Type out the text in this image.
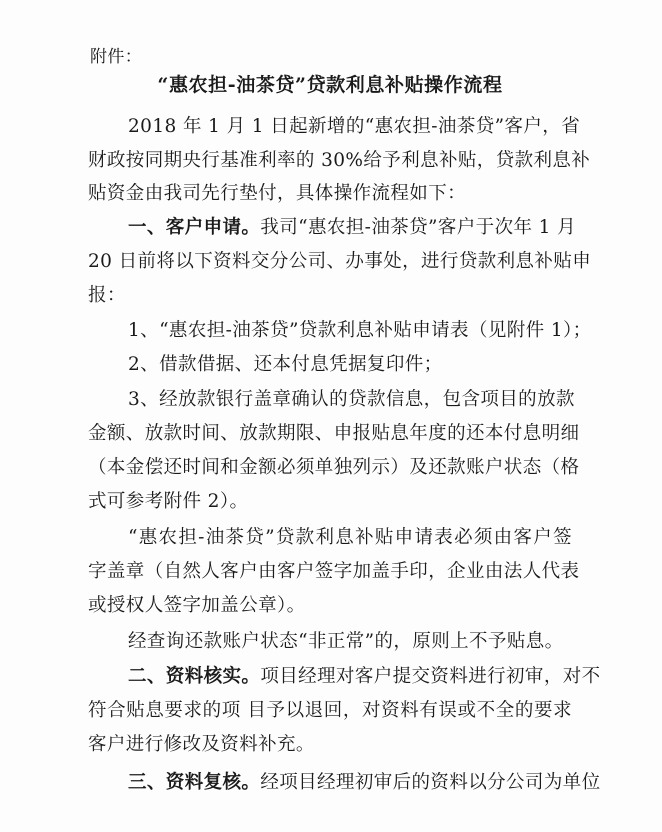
附件：
“惠农担-油茶贷”贷款利息补贴操作流程
2018 年 1 月 1 日起新增的“惠农担-油茶贷”客户，省
财政按同期央行基准利率的 30%给予利息补贴，贷款利息补
贴资金由我司先行垫付，具体操作流程如下：
一、客户申请。我司“惠农担-油茶贷”客户于次年 1 月
20 日前将以下资料交分公司、办事处，进行贷款利息补贴申
报：
1、“惠农担-油茶贷”贷款利息补贴申请表（见附件 1）；
2、借款借据、还本付息凭据复印件；
3、经放款银行盖章确认的贷款信息，包含项目的放款
金额、放款时间、放款期限、申报贴息年度的还本付息明细
（本金偿还时间和金额必须单独列示）及还款账户状态（格
式可参考附件 2）。
“惠农担-油茶贷”贷款利息补贴申请表必须由客户签
字盖章（自然人客户由客户签字加盖手印，企业由法人代表
或授权人签字加盖公章）。
经查询还款账户状态“非正常”的，原则上不予贴息。
二、资料核实。项目经理对客户提交资料进行初审，对不
符合贴息要求的项 目予以退回，对资料有误或不全的要求
客户进行修改及资料补充。
三、资料复核。经项目经理初审后的资料以分公司为单位
